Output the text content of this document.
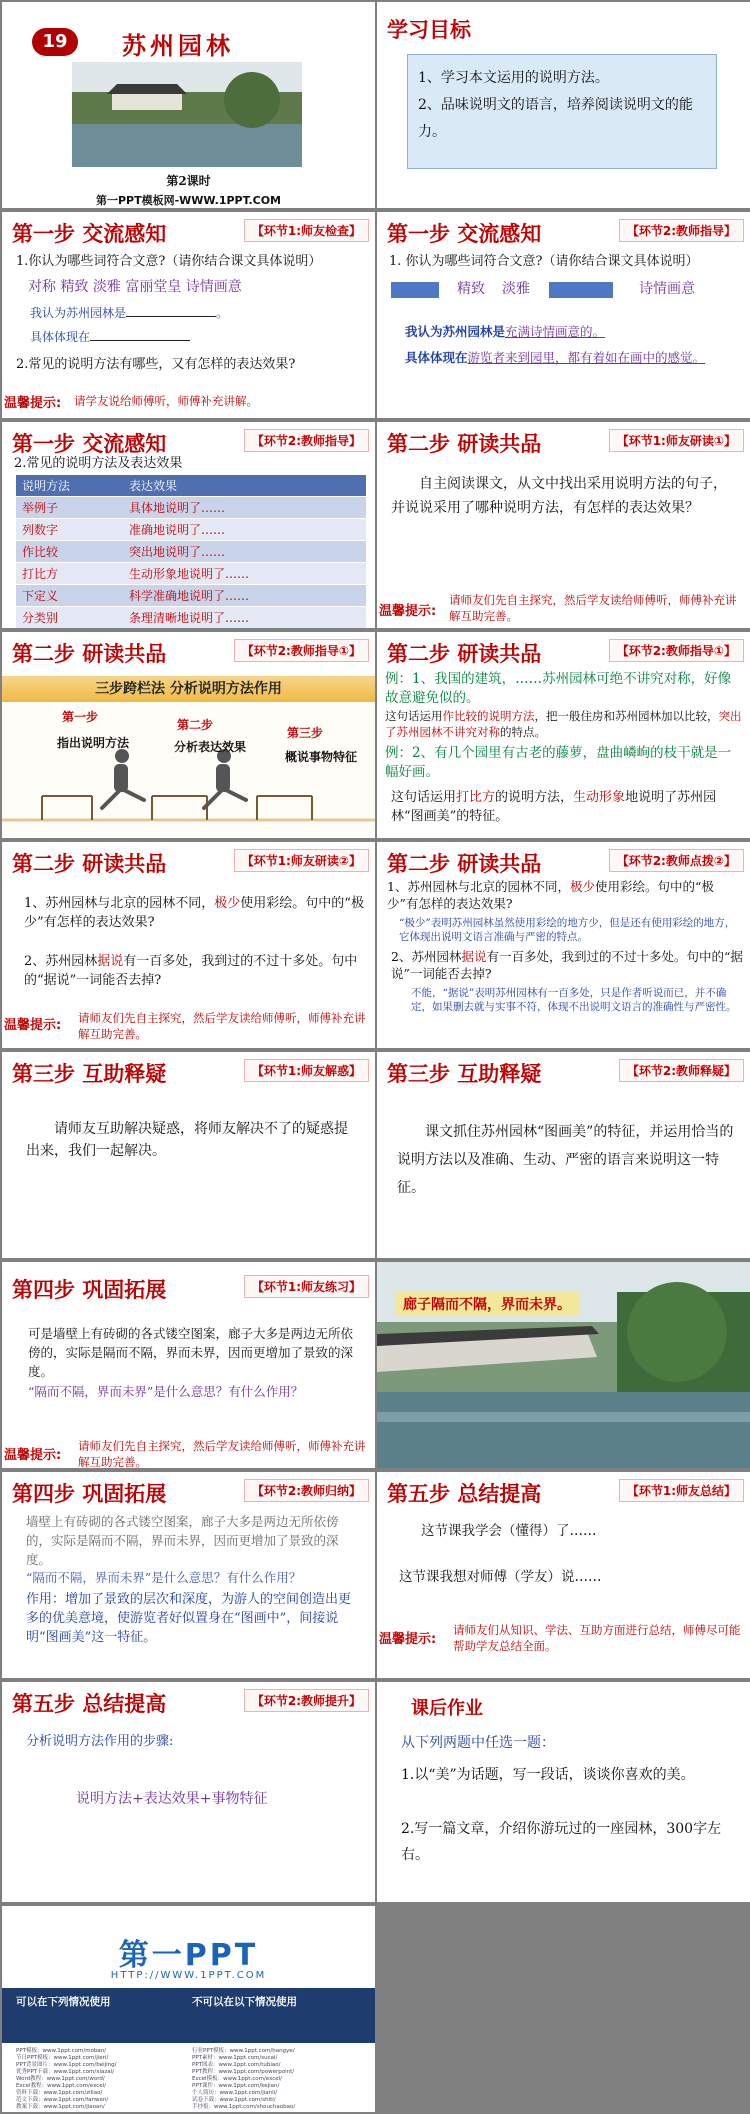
19	苏州园林
第2课时
第一PPT模板网-WWW.1PPT.COM
学习目标
1、学习本文运用的说明方法。
2、品味说明文的语言，培养阅读说明文的能力。
第一步 交流感知	【环节1:师友检查】
1.你认为哪些词符合文意?（请你结合课文具体说明）
对称 精致 淡雅 富丽堂皇 诗情画意
我认为苏州园林是	。
具体体现在
2.常见的说明方法有哪些，又有怎样的表达效果?
温馨提示: 请学友说给师傅听，师傅补充讲解。
第一步 交流感知	【环节2:教师指导】
1. 你认为哪些词符合文意?（请你结合课文具体说明）
精致 淡雅	诗情画意
我认为苏州园林是充满诗情画意的。
具体体现在游览者来到园里，都有着如在画中的感觉。
第一步 交流感知	【环节2:教师指导】
2.常见的说明方法及表达效果
说明方法	表达效果
举例子	具体地说明了……
列数字	准确地说明了……
作比较	突出地说明了……
打比方	生动形象地说明了……
下定义	科学准确地说明了……
分类别	条理清晰地说明了……
第二步 研读共品	【环节1:师友研读①】
自主阅读课文，从文中找出采用说明方法的句子，并说说采用了哪种说明方法，有怎样的表达效果？
温馨提示:
请师友们先自主探究，然后学友读给师傅听，师傅补充讲解互助完善。
第二步 研读共品	【环节2:教师指导①】
三步跨栏法 分析说明方法作用
第一步
指出说明方法
第二步
分析表达效果
第三步
概说事物特征
第二步 研读共品	【环节2:教师指导①】
例：1、我国的建筑，……苏州园林可绝不讲究对称，好像故意避免似的。
这句话运用作比较的说明方法，把一般住房和苏州园林加以比较，突出了苏州园林不讲究对称的特点。
例：2、有几个园里有古老的藤萝，盘曲嶙峋的枝干就是一幅好画。
这句话运用打比方的说明方法，生动形象地说明了苏州园林“图画美”的特征。
第二步 研读共品	【环节1:师友研读②】
1、苏州园林与北京的园林不同，极少使用彩绘。句中的“极少”有怎样的表达效果?
2、苏州园林据说有一百多处，我到过的不过十多处。句中的“据说”一词能否去掉?
温馨提示: 请师友们先自主探究，然后学友读给师傅听，师傅补充讲解互助完善。
第二步 研读共品	【环节2:教师点拨②】
1、苏州园林与北京的园林不同，极少使用彩绘。句中的“极少”有怎样的表达效果?
“极少”表明苏州园林虽然使用彩绘的地方少，但是还有使用彩绘的地方，它体现出说明文语言准确与严密的特点。
2、苏州园林据说有一百多处，我到过的不过十多处。句中的“据说”一词能否去掉?
不能，“据说”表明苏州园林有一百多处，只是作者听说而已，并不确定，如果删去就与实事不符，体现不出说明文语言的准确性与严密性。
第三步 互助释疑	【环节1:师友解惑】
请师友互助解决疑惑，将师友解决不了的疑惑提出来，我们一起解决。
第三步 互助释疑	【环节2:教师释疑】
课文抓住苏州园林“图画美”的特征，并运用恰当的说明方法以及准确、生动、严密的语言来说明这一特征。
第四步 巩固拓展	【环节1:师友练习】
可是墙壁上有砖砌的各式镂空图案，廊子大多是两边无所依傍的，实际是隔而不隔，界而未界，因而更增加了景致的深度。
“隔而不隔，界而未界”是什么意思？有什么作用？
温馨提示:
请师友们先自主探究，然后学友读给师傅听，师傅补充讲解互助完善。
廊子隔而不隔，界而未界。
第四步 巩固拓展	【环节2:教师归纳】
墙壁上有砖砌的各式镂空图案，廊子大多是两边无所依傍的，实际是隔而不隔，界而未界，因而更增加了景致的深度。
“隔而不隔，界而未界”是什么意思？有什么作用？
作用：增加了景致的层次和深度，为游人的空间创造出更多的优美意境，使游览者好似置身在“图画中”，间接说明“图画美”这一特征。
第五步 总结提高	【环节1:师友总结】
这节课我学会（懂得）了……
这节课我想对师傅（学友）说……
温馨提示:
请师友们从知识、学法、互助方面进行总结，师傅尽可能帮助学友总结全面。
第五步 总结提高	【环节2:教师提升】
分析说明方法作用的步骤:
说明方法+表达效果+事物特征
课后作业
从下列两题中任选一题：
1.以“美”为话题，写一段话，谈谈你喜欢的美。
2.写一篇文章，介绍你游玩过的一座园林，300字左右。
第一PPT
HTTP://WWW.1PPT.COM
可以在下列情况使用	不可以在以下情况使用
PPT模板：www.1ppt.com/moban/
节日PPT模板：www.1ppt.com/jieri/
PPT背景图片：www.1ppt.com/beijing/
优秀PPT下载：www.1ppt.com/xiazai/
Word教程：www.1ppt.com/word/
Excel教程：www.1ppt.com/excel/
资料下载：www.1ppt.com/ziliao/
范文下载：www.1ppt.com/fanwen/
教案下载：www.1ppt.com/jiaoan/
行业PPT模板：www.1ppt.com/hangye/
PPT素材：www.1ppt.com/sucai/
PPT图表：www.1ppt.com/tubiao/
PPT教程：www.1ppt.com/powerpoint/
Excel模板：www.1ppt.com/excel/
PPT课件：www.1ppt.com/kejian/
个人简历：www.1ppt.com/jianli/
试卷下载：www.1ppt.com/shiti/
手抄报：www.1ppt.com/shouchaobao/
